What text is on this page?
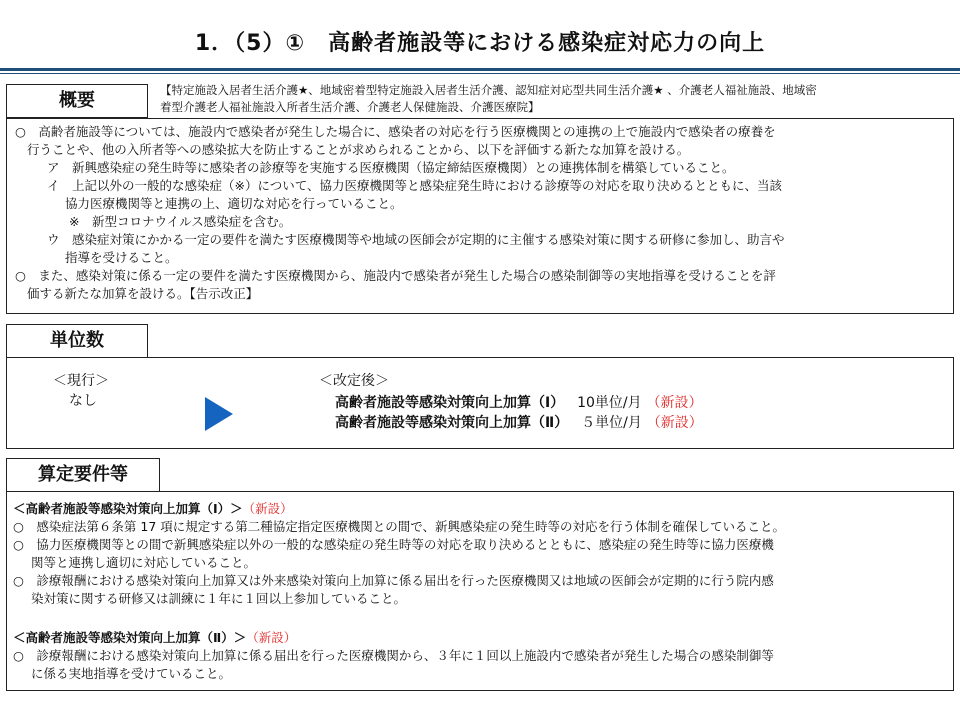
1．（5）①　高齢者施設等における感染症対応力の向上
概要	【特定施設入居者生活介護★、地域密着型特定施設入居者生活介護、認知症対応型共同生活介護★ 、介護老人福祉施設、地域密
着型介護老人福祉施設入所者生活介護、介護老人保健施設、介護医療院】
○　高齢者施設等については、施設内で感染者が発生した場合に、感染者の対応を行う医療機関との連携の上で施設内で感染者の療養を
行うことや、他の入所者等への感染拡大を防止することが求められることから、以下を評価する新たな加算を設ける。
ア　新興感染症の発生時等に感染者の診療等を実施する医療機関（協定締結医療機関）との連携体制を構築していること。
イ　上記以外の一般的な感染症（※）について、協力医療機関等と感染症発生時における診療等の対応を取り決めるとともに、当該
協力医療機関等と連携の上、適切な対応を行っていること。
※　新型コロナウイルス感染症を含む。
ウ　感染症対策にかかる一定の要件を満たす医療機関等や地域の医師会が定期的に主催する感染対策に関する研修に参加し、助言や
指導を受けること。
○　また、感染対策に係る一定の要件を満たす医療機関から、施設内で感染者が発生した場合の感染制御等の実地指導を受けることを評
価する新たな加算を設ける。【告示改正】
単位数
＜現行＞
なし
＜改定後＞
高齢者施設等感染対策向上加算（Ⅰ） 10単位/月 （新設）
高齢者施設等感染対策向上加算（Ⅱ） ５単位/月 （新設）
算定要件等
＜高齢者施設等感染対策向上加算（Ⅰ）＞（新設）
○　感染症法第６条第 17 項に規定する第二種協定指定医療機関との間で、新興感染症の発生時等の対応を行う体制を確保していること。
○　協力医療機関等との間で新興感染症以外の一般的な感染症の発生時等の対応を取り決めるとともに、感染症の発生時等に協力医療機
関等と連携し適切に対応していること。
○　診療報酬における感染対策向上加算又は外来感染対策向上加算に係る届出を行った医療機関又は地域の医師会が定期的に行う院内感
染対策に関する研修又は訓練に１年に１回以上参加していること。
＜高齢者施設等感染対策向上加算（Ⅱ）＞（新設）
○　診療報酬における感染対策向上加算に係る届出を行った医療機関から、３年に１回以上施設内で感染者が発生した場合の感染制御等
に係る実地指導を受けていること。
